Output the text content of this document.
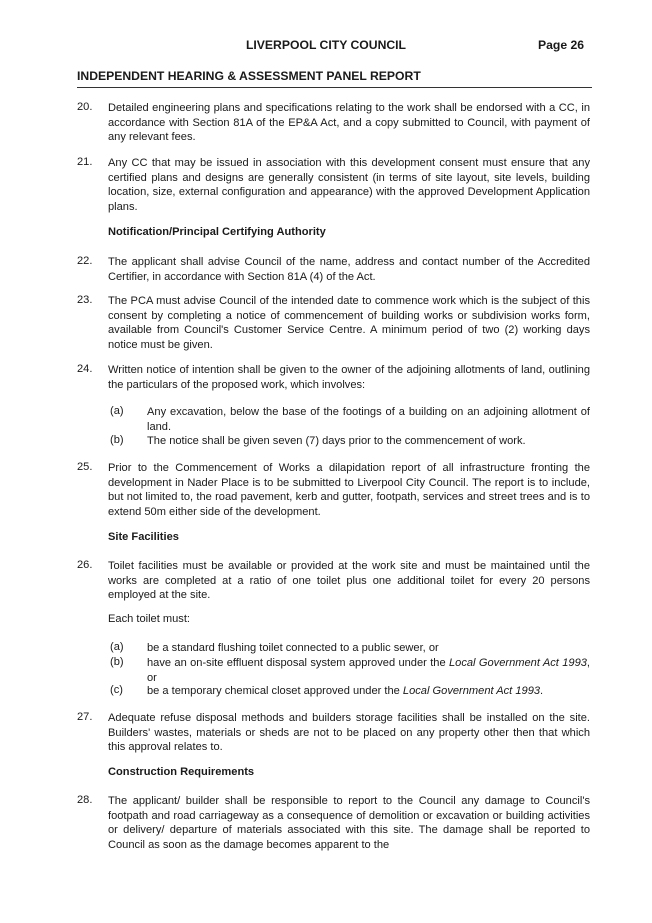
LIVERPOOL CITY COUNCIL	Page 26
INDEPENDENT HEARING & ASSESSMENT PANEL REPORT
20. Detailed engineering plans and specifications relating to the work shall be endorsed with a CC, in accordance with Section 81A of the EP&A Act, and a copy submitted to Council, with payment of any relevant fees.
21. Any CC that may be issued in association with this development consent must ensure that any certified plans and designs are generally consistent (in terms of site layout, site levels, building location, size, external configuration and appearance) with the approved Development Application plans.
Notification/Principal Certifying Authority
22. The applicant shall advise Council of the name, address and contact number of the Accredited Certifier, in accordance with Section 81A (4) of the Act.
23. The PCA must advise Council of the intended date to commence work which is the subject of this consent by completing a notice of commencement of building works or subdivision works form, available from Council's Customer Service Centre. A minimum period of two (2) working days notice must be given.
24. Written notice of intention shall be given to the owner of the adjoining allotments of land, outlining the particulars of the proposed work, which involves:
(a) Any excavation, below the base of the footings of a building on an adjoining allotment of land.
(b) The notice shall be given seven (7) days prior to the commencement of work.
25. Prior to the Commencement of Works a dilapidation report of all infrastructure fronting the development in Nader Place is to be submitted to Liverpool City Council. The report is to include, but not limited to, the road pavement, kerb and gutter, footpath, services and street trees and is to extend 50m either side of the development.
Site Facilities
26. Toilet facilities must be available or provided at the work site and must be maintained until the works are completed at a ratio of one toilet plus one additional toilet for every 20 persons employed at the site.
Each toilet must:
(a) be a standard flushing toilet connected to a public sewer, or
(b) have an on-site effluent disposal system approved under the Local Government Act 1993, or
(c) be a temporary chemical closet approved under the Local Government Act 1993.
27. Adequate refuse disposal methods and builders storage facilities shall be installed on the site. Builders' wastes, materials or sheds are not to be placed on any property other then that which this approval relates to.
Construction Requirements
28. The applicant/ builder shall be responsible to report to the Council any damage to Council's footpath and road carriageway as a consequence of demolition or excavation or building activities or delivery/ departure of materials associated with this site. The damage shall be reported to Council as soon as the damage becomes apparent to the
